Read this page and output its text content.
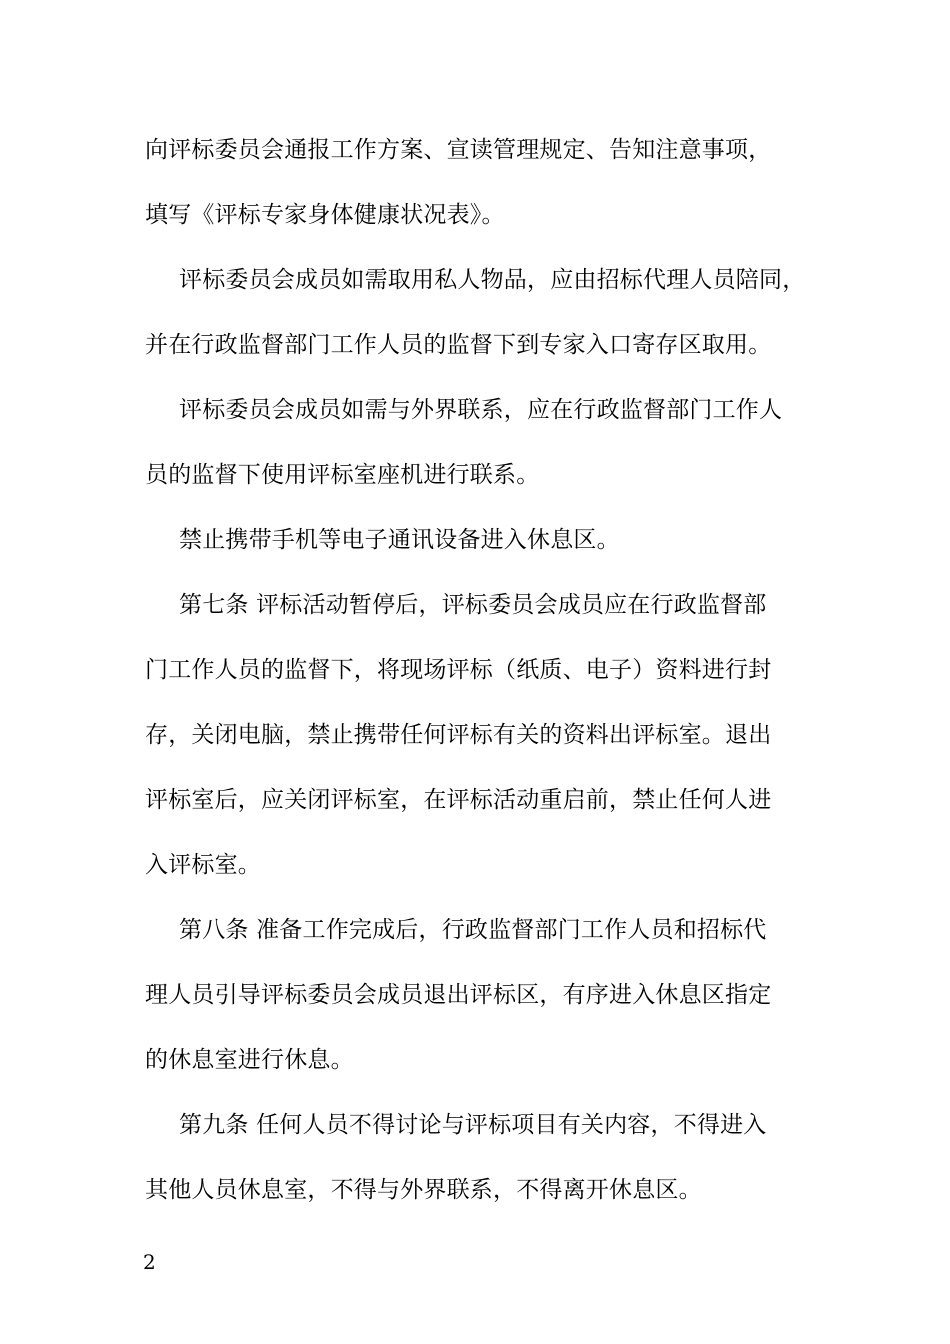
向评标委员会通报工作方案、宣读管理规定、告知注意事项，
填写《评标专家身体健康状况表》。
评标委员会成员如需取用私人物品，应由招标代理人员陪同，
并在行政监督部门工作人员的监督下到专家入口寄存区取用。
评标委员会成员如需与外界联系，应在行政监督部门工作人
员的监督下使用评标室座机进行联系。
禁止携带手机等电子通讯设备进入休息区。
第七条 评标活动暂停后，评标委员会成员应在行政监督部
门工作人员的监督下，将现场评标（纸质、电子）资料进行封
存，关闭电脑，禁止携带任何评标有关的资料出评标室。退出
评标室后，应关闭评标室，在评标活动重启前，禁止任何人进
入评标室。
第八条 准备工作完成后，行政监督部门工作人员和招标代
理人员引导评标委员会成员退出评标区，有序进入休息区指定
的休息室进行休息。
第九条 任何人员不得讨论与评标项目有关内容，不得进入
其他人员休息室，不得与外界联系，不得离开休息区。
2
